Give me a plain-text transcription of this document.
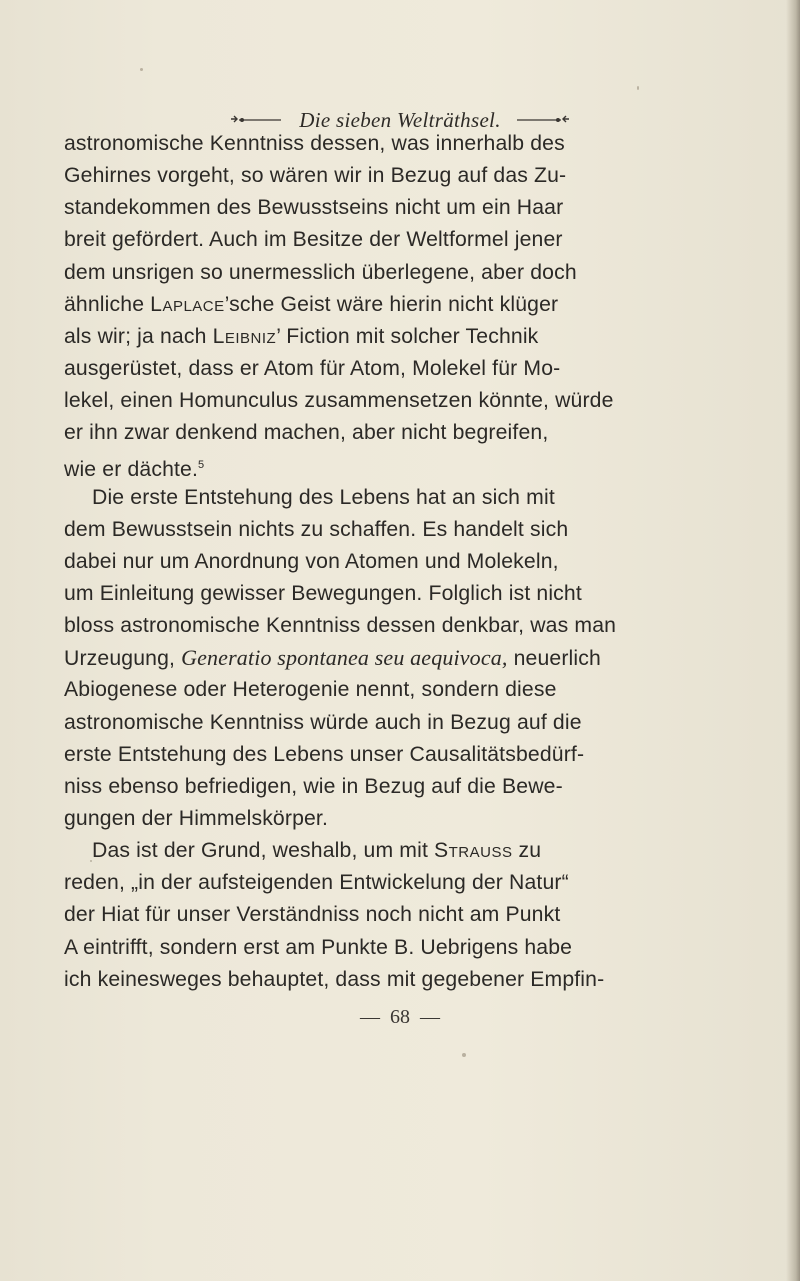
Die sieben Welträthsel.
astronomische Kenntniss dessen, was innerhalb des
Gehirnes vorgeht, so wären wir in Bezug auf das Zu-
standekommen des Bewusstseins nicht um ein Haar
breit gefördert. Auch im Besitze der Weltformel jener
dem unsrigen so unermesslich überlegene, aber doch
ähnliche Laplace’sche Geist wäre hierin nicht klüger
als wir; ja nach Leibniz’ Fiction mit solcher Technik
ausgerüstet, dass er Atom für Atom, Molekel für Mo-
lekel, einen Homunculus zusammensetzen könnte, würde
er ihn zwar denkend machen, aber nicht begreifen,
wie er dächte.$^5$
Die erste Entstehung des Lebens hat an sich mit
dem Bewusstsein nichts zu schaffen. Es handelt sich
dabei nur um Anordnung von Atomen und Molekeln,
um Einleitung gewisser Bewegungen. Folglich ist nicht
bloss astronomische Kenntniss dessen denkbar, was man
Urzeugung, Generatio spontanea seu aequivoca, neuerlich
Abiogenese oder Heterogenie nennt, sondern diese
astronomische Kenntniss würde auch in Bezug auf die
erste Entstehung des Lebens unser Causalitätsbedürf-
niss ebenso befriedigen, wie in Bezug auf die Bewe-
gungen der Himmelskörper.
Das ist der Grund, weshalb, um mit Strauss zu
reden, „in der aufsteigenden Entwickelung der Natur“
der Hiat für unser Verständniss noch nicht am Punkt
A eintrifft, sondern erst am Punkte B. Uebrigens habe
ich keinesweges behauptet, dass mit gegebener Empfin-
— 68 —
